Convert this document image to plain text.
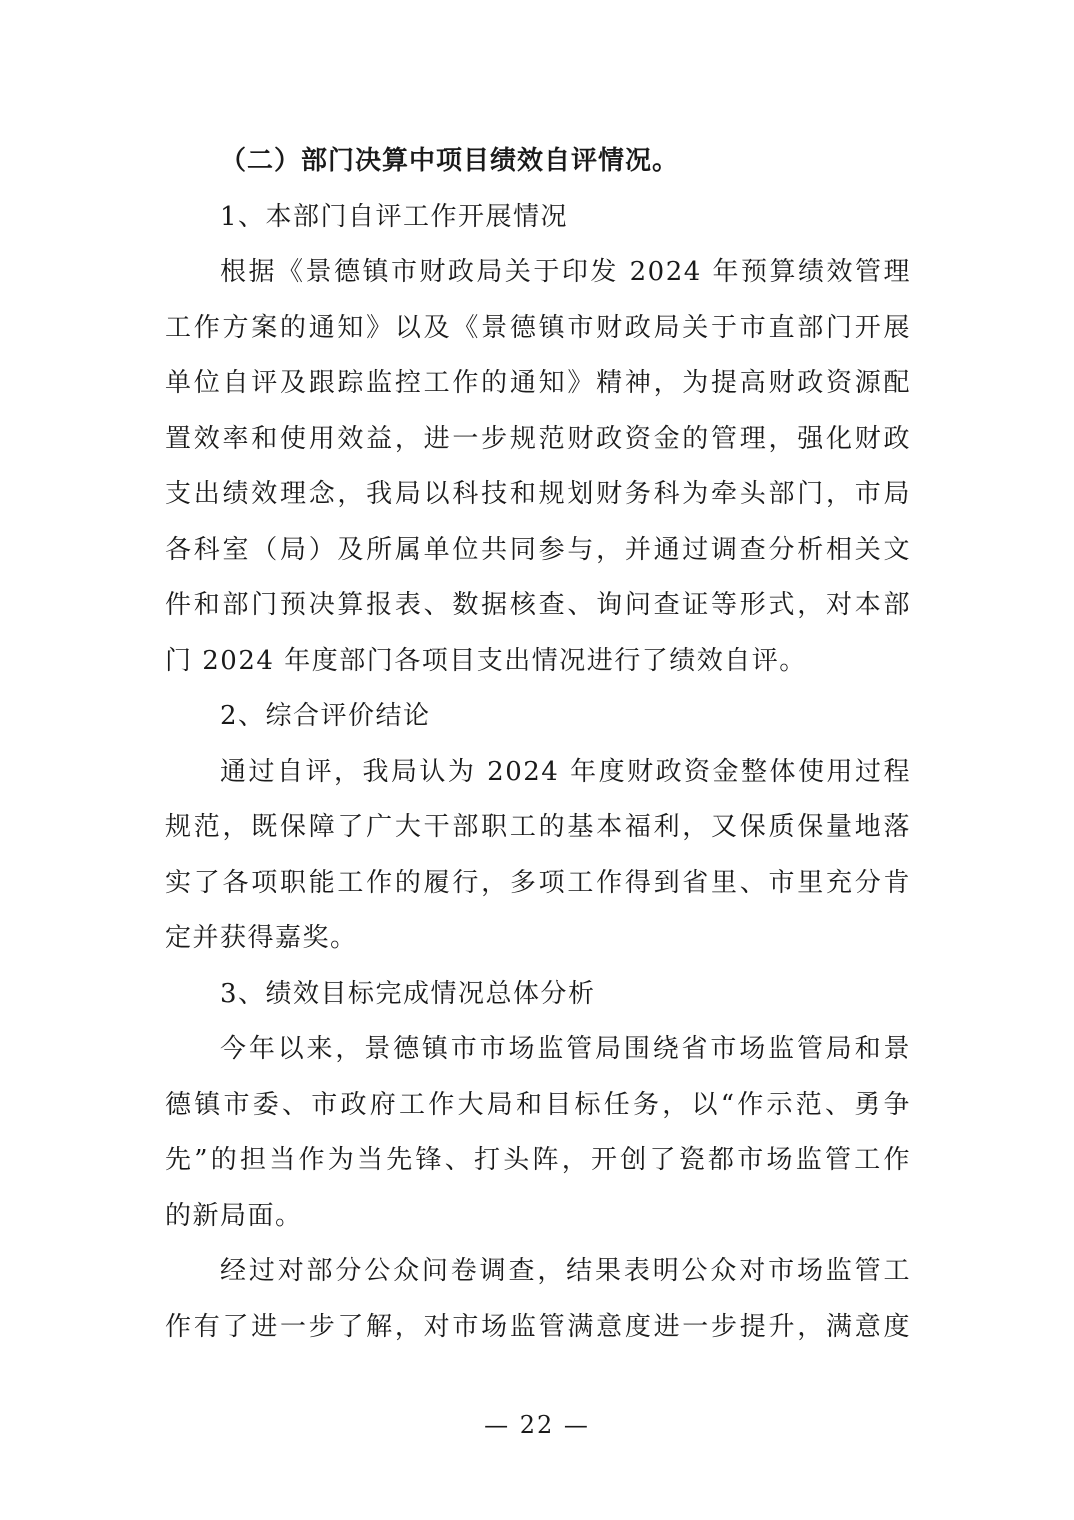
（二）部门决算中项目绩效自评情况。
1、本部门自评工作开展情况
根据《景德镇市财政局关于印发 2024 年预算绩效管理
工作方案的通知》以及《景德镇市财政局关于市直部门开展
单位自评及跟踪监控工作的通知》精神，为提高财政资源配
置效率和使用效益，进一步规范财政资金的管理，强化财政
支出绩效理念，我局以科技和规划财务科为牵头部门，市局
各科室（局）及所属单位共同参与，并通过调查分析相关文
件和部门预决算报表、数据核查、询问查证等形式，对本部
门 2024 年度部门各项目支出情况进行了绩效自评。
2、综合评价结论
通过自评，我局认为 2024 年度财政资金整体使用过程
规范，既保障了广大干部职工的基本福利，又保质保量地落
实了各项职能工作的履行，多项工作得到省里、市里充分肯
定并获得嘉奖。
3、绩效目标完成情况总体分析
今年以来，景德镇市市场监管局围绕省市场监管局和景
德镇市委、市政府工作大局和目标任务，以“作示范、勇争
先”的担当作为当先锋、打头阵，开创了瓷都市场监管工作
的新局面。
经过对部分公众问卷调查，结果表明公众对市场监管工
作有了进一步了解，对市场监管满意度进一步提升，满意度
— 22 —
